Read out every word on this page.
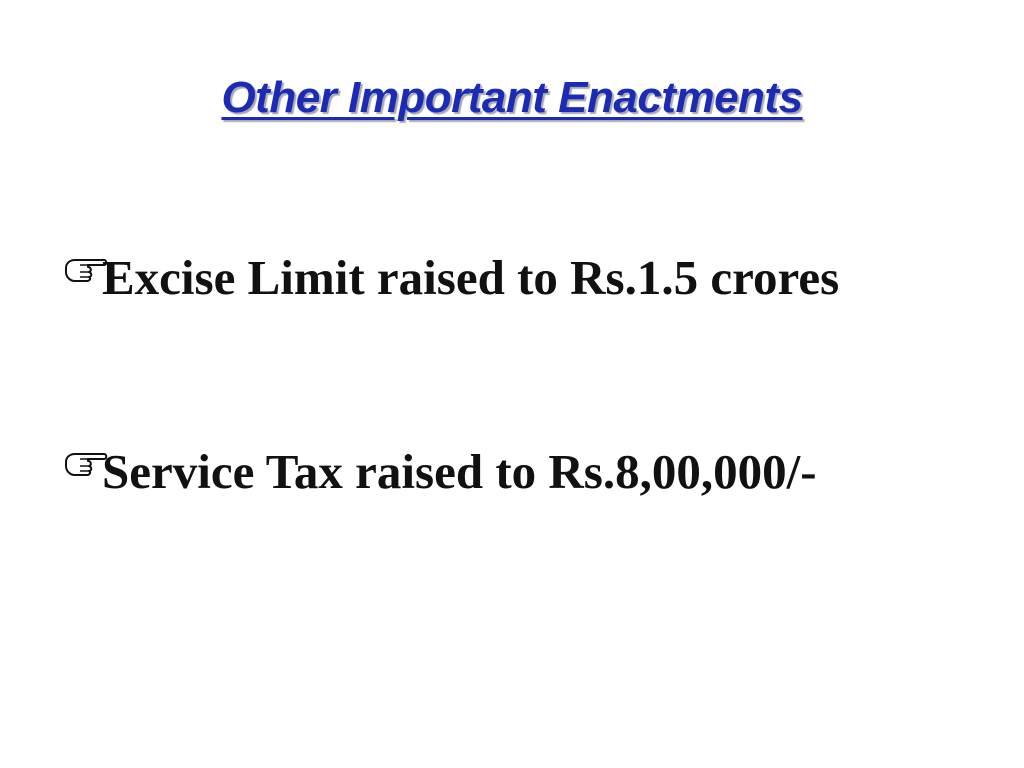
Other Important Enactments
Excise Limit raised to Rs.1.5 crores
Service Tax raised to Rs.8,00,000/-
